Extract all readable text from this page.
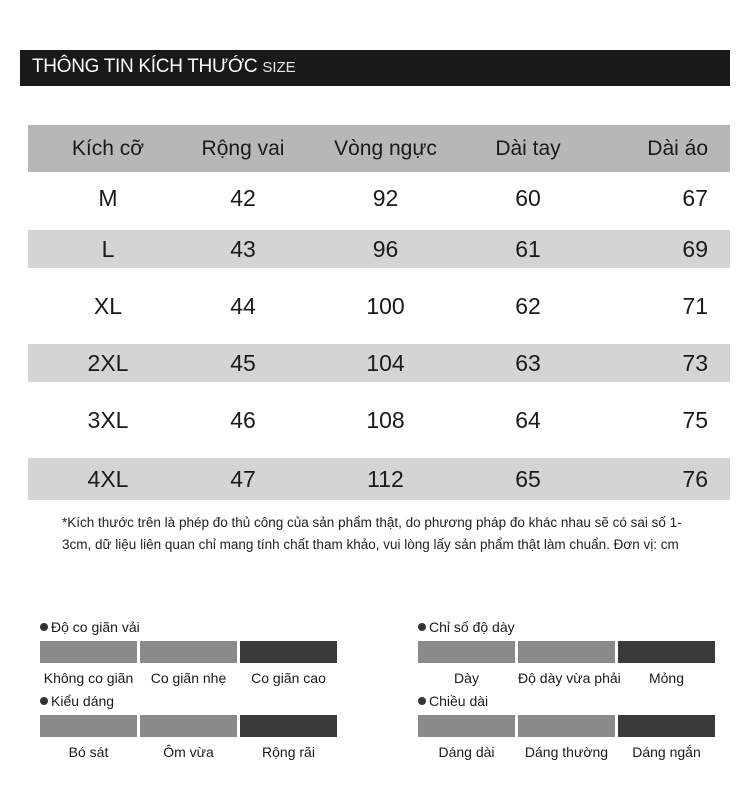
THÔNG TIN KÍCH THƯỚC SIZE
Kích cỡ	Rộng vai	Vòng ngực	Dài tay	Dài áo
M	42	92	60	67
L	43	96	61	69
XL	44	100	62	71
2XL	45	104	63	73
3XL	46	108	64	75
4XL	47	112	65	76
*Kích thước trên là phép đo thủ công của sản phẩm thật, do phương pháp đo khác nhau sẽ có sai số 1-
3cm, dữ liệu liên quan chỉ mang tính chất tham khảo, vui lòng lấy sản phẩm thật làm chuẩn. Đơn vị: cm
Độ co giãn vải
Không co giãn	Co giãn nhẹ	Co giãn cao
Kiểu dáng
Bó sát	Ôm vừa	Rộng rãi
Chỉ số độ dày
Dày	Độ dày vừa phải	Mỏng
Chiều dài
Dáng dài	Dáng thường	Dáng ngắn
